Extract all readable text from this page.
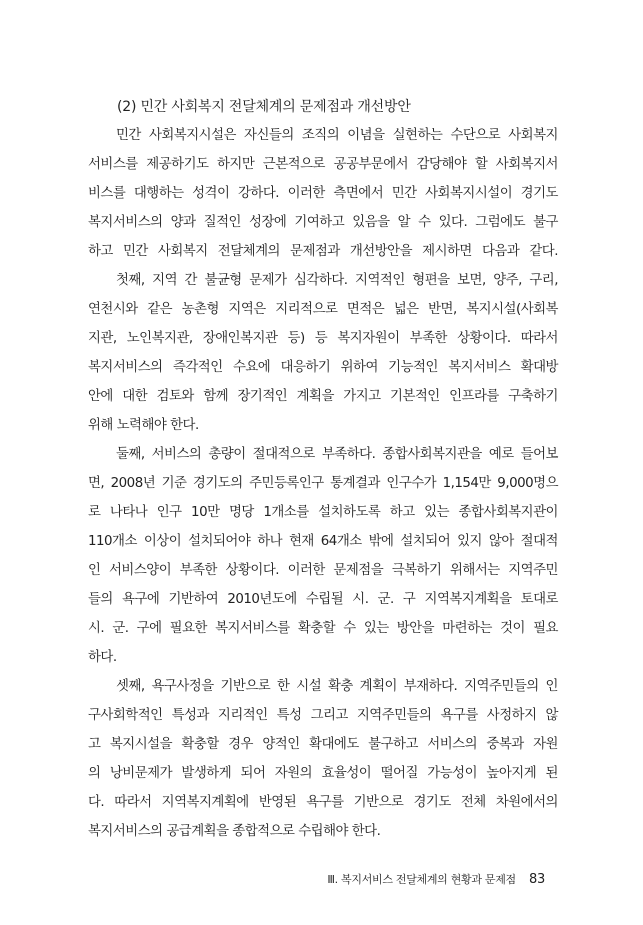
(2) 민간 사회복지 전달체계의 문제점과 개선방안
민간 사회복지시설은 자신들의 조직의 이념을 실현하는 수단으로 사회복지
서비스를 제공하기도 하지만 근본적으로 공공부문에서 감당해야 할 사회복지서
비스를 대행하는 성격이 강하다. 이러한 측면에서 민간 사회복지시설이 경기도
복지서비스의 양과 질적인 성장에 기여하고 있음을 알 수 있다. 그럼에도 불구
하고 민간 사회복지 전달체계의 문제점과 개선방안을 제시하면 다음과 같다.
첫째, 지역 간 불균형 문제가 심각하다. 지역적인 형편을 보면, 양주, 구리,
연천시와 같은 농촌형 지역은 지리적으로 면적은 넓은 반면, 복지시설(사회복
지관, 노인복지관, 장애인복지관 등) 등 복지자원이 부족한 상황이다. 따라서
복지서비스의 즉각적인 수요에 대응하기 위하여 기능적인 복지서비스 확대방
안에 대한 검토와 함께 장기적인 계획을 가지고 기본적인 인프라를 구축하기
위해 노력해야 한다.
둘째, 서비스의 총량이 절대적으로 부족하다. 종합사회복지관을 예로 들어보
면, 2008년 기준 경기도의 주민등록인구 통계결과 인구수가 1,154만 9,000명으
로 나타나 인구 10만 명당 1개소를 설치하도록 하고 있는 종합사회복지관이
110개소 이상이 설치되어야 하나 현재 64개소 밖에 설치되어 있지 않아 절대적
인 서비스양이 부족한 상황이다. 이러한 문제점을 극복하기 위해서는 지역주민
들의 욕구에 기반하여 2010년도에 수립될 시. 군. 구 지역복지계획을 토대로
시. 군. 구에 필요한 복지서비스를 확충할 수 있는 방안을 마련하는 것이 필요
하다.
셋째, 욕구사정을 기반으로 한 시설 확충 계획이 부재하다. 지역주민들의 인
구사회학적인 특성과 지리적인 특성 그리고 지역주민들의 욕구를 사정하지 않
고 복지시설을 확충할 경우 양적인 확대에도 불구하고 서비스의 중복과 자원
의 낭비문제가 발생하게 되어 자원의 효율성이 떨어질 가능성이 높아지게 된
다. 따라서 지역복지계획에 반영된 욕구를 기반으로 경기도 전체 차원에서의
복지서비스의 공급계획을 종합적으로 수립해야 한다.
Ⅲ. 복지서비스 전달체계의 현황과 문제점 83
